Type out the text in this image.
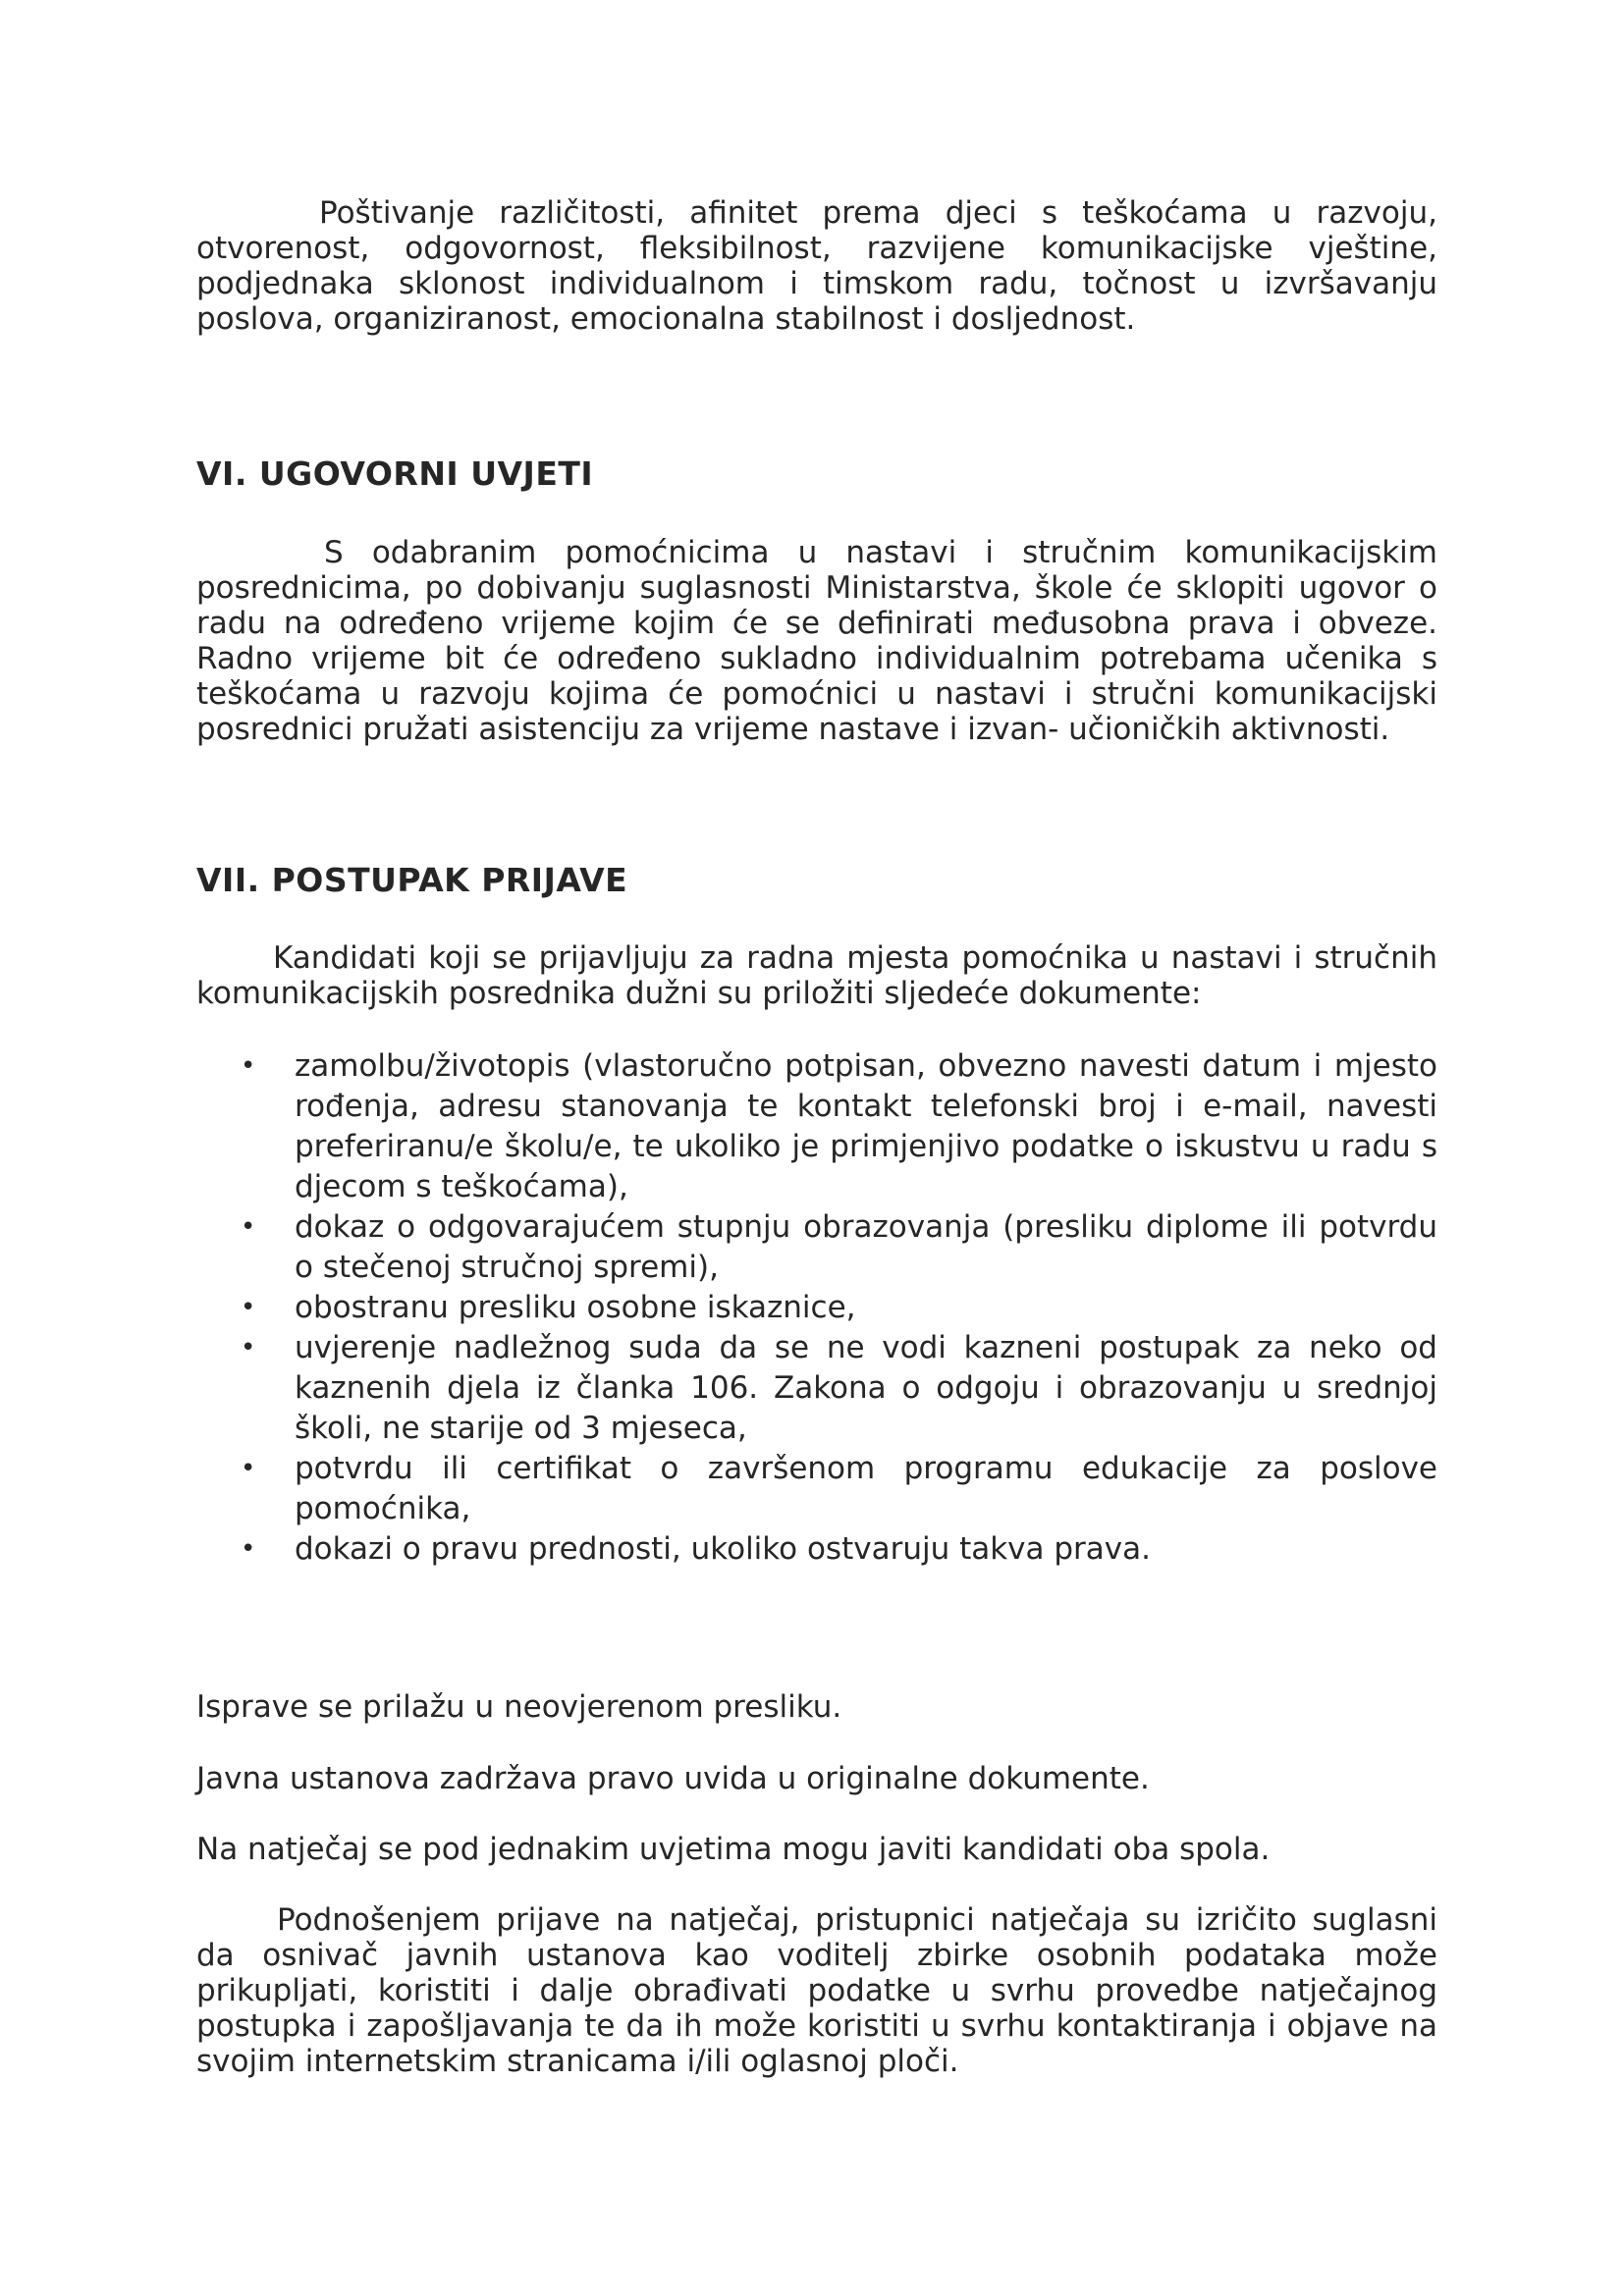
Poštivanje različitosti, afinitet prema djeci s teškoćama u razvoju, otvorenost, odgovornost, fleksibilnost, razvijene komunikacijske vještine, podjednaka sklonost individualnom i timskom radu, točnost u izvršavanju poslova, organiziranost, emocionalna stabilnost i dosljednost.

VI. UGOVORNI UVJETI

S odabranim pomoćnicima u nastavi i stručnim komunikacijskim posrednicima, po dobivanju suglasnosti Ministarstva, škole će sklopiti ugovor o radu na određeno vrijeme kojim će se definirati međusobna prava i obveze. Radno vrijeme bit će određeno sukladno individualnim potrebama učenika s teškoćama u razvoju kojima će pomoćnici u nastavi i stručni komunikacijski posrednici pružati asistenciju za vrijeme nastave i izvan- učioničkih aktivnosti.

VII. POSTUPAK PRIJAVE

Kandidati koji se prijavljuju za radna mjesta pomoćnika u nastavi i stručnih komunikacijskih posrednika dužni su priložiti sljedeće dokumente:

• zamolbu/životopis (vlastoručno potpisan, obvezno navesti datum i mjesto rođenja, adresu stanovanja te kontakt telefonski broj i e-mail, navesti preferiranu/e školu/e, te ukoliko je primjenjivo podatke o iskustvu u radu s djecom s teškoćama),
• dokaz o odgovarajućem stupnju obrazovanja (presliku diplome ili potvrdu o stečenoj stručnoj spremi),
• obostranu presliku osobne iskaznice,
• uvjerenje nadležnog suda da se ne vodi kazneni postupak za neko od kaznenih djela iz članka 106. Zakona o odgoju i obrazovanju u srednjoj školi, ne starije od 3 mjeseca,
• potvrdu ili certifikat o završenom programu edukacije za poslove pomoćnika,
• dokazi o pravu prednosti, ukoliko ostvaruju takva prava.

Isprave se prilažu u neovjerenom presliku.

Javna ustanova zadržava pravo uvida u originalne dokumente.

Na natječaj se pod jednakim uvjetima mogu javiti kandidati oba spola.

Podnošenjem prijave na natječaj, pristupnici natječaja su izričito suglasni da osnivač javnih ustanova kao voditelj zbirke osobnih podataka može prikupljati, koristiti i dalje obrađivati podatke u svrhu provedbe natječajnog postupka i zapošljavanja te da ih može koristiti u svrhu kontaktiranja i objave na svojim internetskim stranicama i/ili oglasnoj ploči.
